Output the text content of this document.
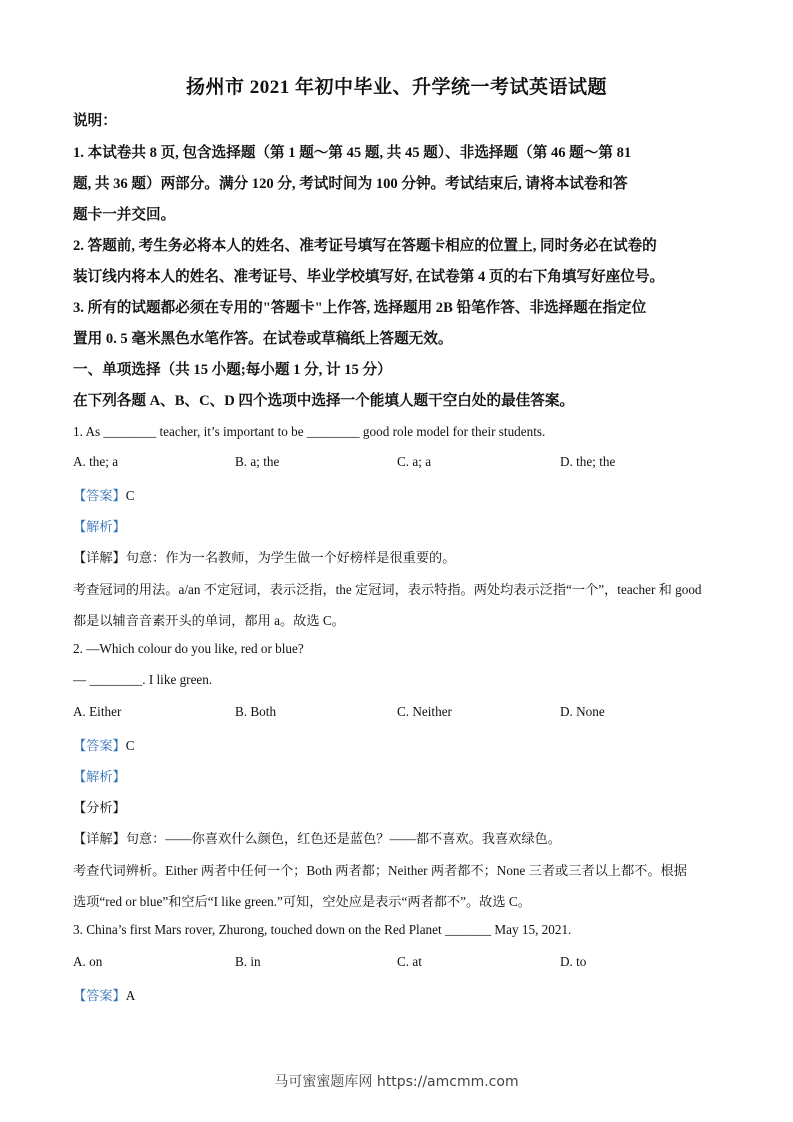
扬州市 2021 年初中毕业、升学统一考试英语试题
说明：
1. 本试卷共 8 页, 包含选择题（第 1 题～第 45 题, 共 45 题）、非选择题（第 46 题～第 81
题, 共 36 题）两部分。满分 120 分, 考试时间为 100 分钟。考试结束后, 请将本试卷和答
题卡一并交回。
2. 答题前, 考生务必将本人的姓名、准考证号填写在答题卡相应的位置上, 同时务必在试卷的
装订线内将本人的姓名、准考证号、毕业学校填写好, 在试卷第 4 页的右下角填写好座位号。
3. 所有的试题都必须在专用的"答题卡"上作答, 选择题用 2B 铅笔作答、非选择题在指定位
置用 0. 5 毫米黑色水笔作答。在试卷或草稿纸上答题无效。
一、单项选择（共 15 小题;每小题 1 分, 计 15 分）
在下列各题 A、B、C、D 四个选项中选择一个能填人题干空白处的最佳答案。
1. As ________ teacher, it’s important to be ________ good role model for their students.
A. the; a	B. a; the	C. a; a	D. the; the
【答案】C
【解析】
【详解】句意：作为一名教师，为学生做一个好榜样是很重要的。
考查冠词的用法。a/an 不定冠词，表示泛指，the 定冠词，表示特指。两处均表示泛指“一个”，teacher 和 good
都是以辅音音素开头的单词，都用 a。故选 C。
2. —Which colour do you like, red or blue?
— ________. I like green.
A. Either	B. Both	C. Neither	D. None
【答案】C
【解析】
【分析】
【详解】句意：——你喜欢什么颜色，红色还是蓝色？——都不喜欢。我喜欢绿色。
考查代词辨析。Either 两者中任何一个；Both 两者都；Neither 两者都不；None 三者或三者以上都不。根据
选项“red or blue”和空后“I like green.”可知，空处应是表示“两者都不”。故选 C。
3. China’s first Mars rover, Zhurong, touched down on the Red Planet _______ May 15, 2021.
A. on	B. in	C. at	D. to
【答案】A
马可蜜蜜题库网 https://amcmm.com
